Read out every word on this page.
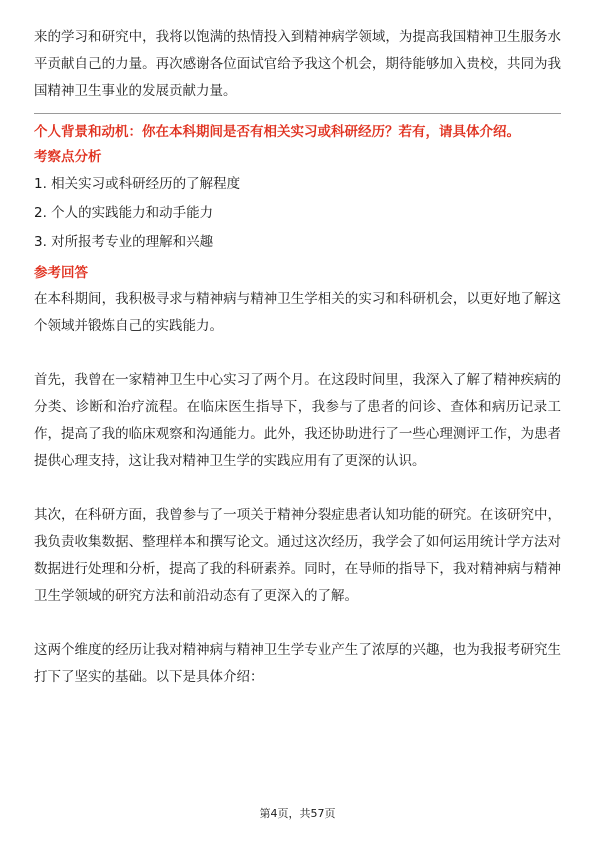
来的学习和研究中，我将以饱满的热情投入到精神病学领域，为提高我国精神卫生服务水平贡献自己的力量。再次感谢各位面试官给予我这个机会，期待能够加入贵校，共同为我国精神卫生事业的发展贡献力量。

个人背景和动机：你在本科期间是否有相关实习或科研经历？若有，请具体介绍。

考察点分析

1. 相关实习或科研经历的了解程度
2. 个人的实践能力和动手能力
3. 对所报考专业的理解和兴趣

参考回答

在本科期间，我积极寻求与精神病与精神卫生学相关的实习和科研机会，以更好地了解这个领域并锻炼自己的实践能力。

首先，我曾在一家精神卫生中心实习了两个月。在这段时间里，我深入了解了精神疾病的分类、诊断和治疗流程。在临床医生指导下，我参与了患者的问诊、查体和病历记录工作，提高了我的临床观察和沟通能力。此外，我还协助进行了一些心理测评工作，为患者提供心理支持，这让我对精神卫生学的实践应用有了更深的认识。

其次，在科研方面，我曾参与了一项关于精神分裂症患者认知功能的研究。在该研究中，我负责收集数据、整理样本和撰写论文。通过这次经历，我学会了如何运用统计学方法对数据进行处理和分析，提高了我的科研素养。同时，在导师的指导下，我对精神病与精神卫生学领域的研究方法和前沿动态有了更深入的了解。

这两个维度的经历让我对精神病与精神卫生学专业产生了浓厚的兴趣，也为我报考研究生打下了坚实的基础。以下是具体介绍：

第4页，共57页
